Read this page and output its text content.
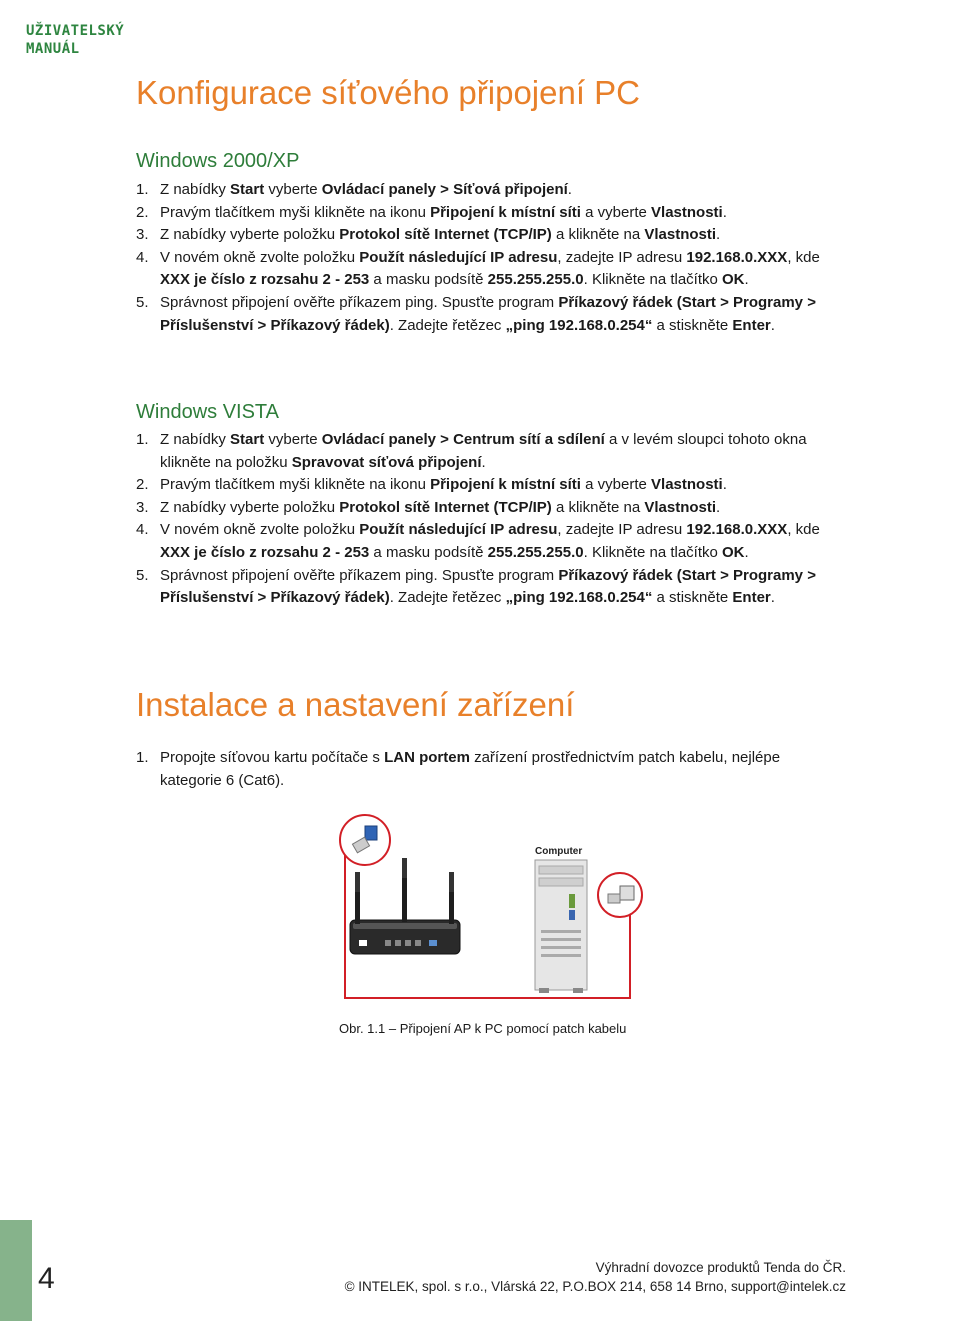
UŽIVATELSKÝ
MANUÁL
Konfigurace síťového připojení PC
Windows 2000/XP
1. Z nabídky Start vyberte Ovládací panely > Síťová připojení.
2. Pravým tlačítkem myši klikněte na ikonu Připojení k místní síti a vyberte Vlastnosti.
3. Z nabídky vyberte položku Protokol sítě Internet (TCP/IP) a klikněte na Vlastnosti.
4. V novém okně zvolte položku Použít následující IP adresu, zadejte IP adresu 192.168.0.XXX, kde XXX je číslo z rozsahu 2 - 253 a masku podsítě 255.255.255.0. Klikněte na tlačítko OK.
5. Správnost připojení ověřte příkazem ping. Spusťte program Příkazový řádek (Start > Programy > Příslušenství > Příkazový řádek). Zadejte řetězec „ping 192.168.0.254“ a stiskněte Enter.
Windows VISTA
1. Z nabídky Start vyberte Ovládací panely > Centrum sítí a sdílení a v levém sloupci tohoto okna klikněte na položku Spravovat síťová připojení.
2. Pravým tlačítkem myši klikněte na ikonu Připojení k místní síti a vyberte Vlastnosti.
3. Z nabídky vyberte položku Protokol sítě Internet (TCP/IP) a klikněte na Vlastnosti.
4. V novém okně zvolte položku Použít následující IP adresu, zadejte IP adresu 192.168.0.XXX, kde XXX je číslo z rozsahu 2 - 253 a masku podsítě 255.255.255.0. Klikněte na tlačítko OK.
5. Správnost připojení ověřte příkazem ping. Spusťte program Příkazový řádek (Start > Programy > Příslušenství > Příkazový řádek). Zadejte řetězec „ping 192.168.0.254“ a stiskněte Enter.
Instalace a nastavení zařízení
1. Propojte síťovou kartu počítače s LAN portem zařízení prostřednictvím patch kabelu, nejlépe kategorie 6 (Cat6).
Computer
Obr. 1.1 – Připojení AP k PC pomocí patch kabelu
4	Výhradní dovozce produktů Tenda do ČR.
© INTELEK, spol. s r.o., Vlárská 22, P.O.BOX 214, 658 14 Brno, support@intelek.cz
